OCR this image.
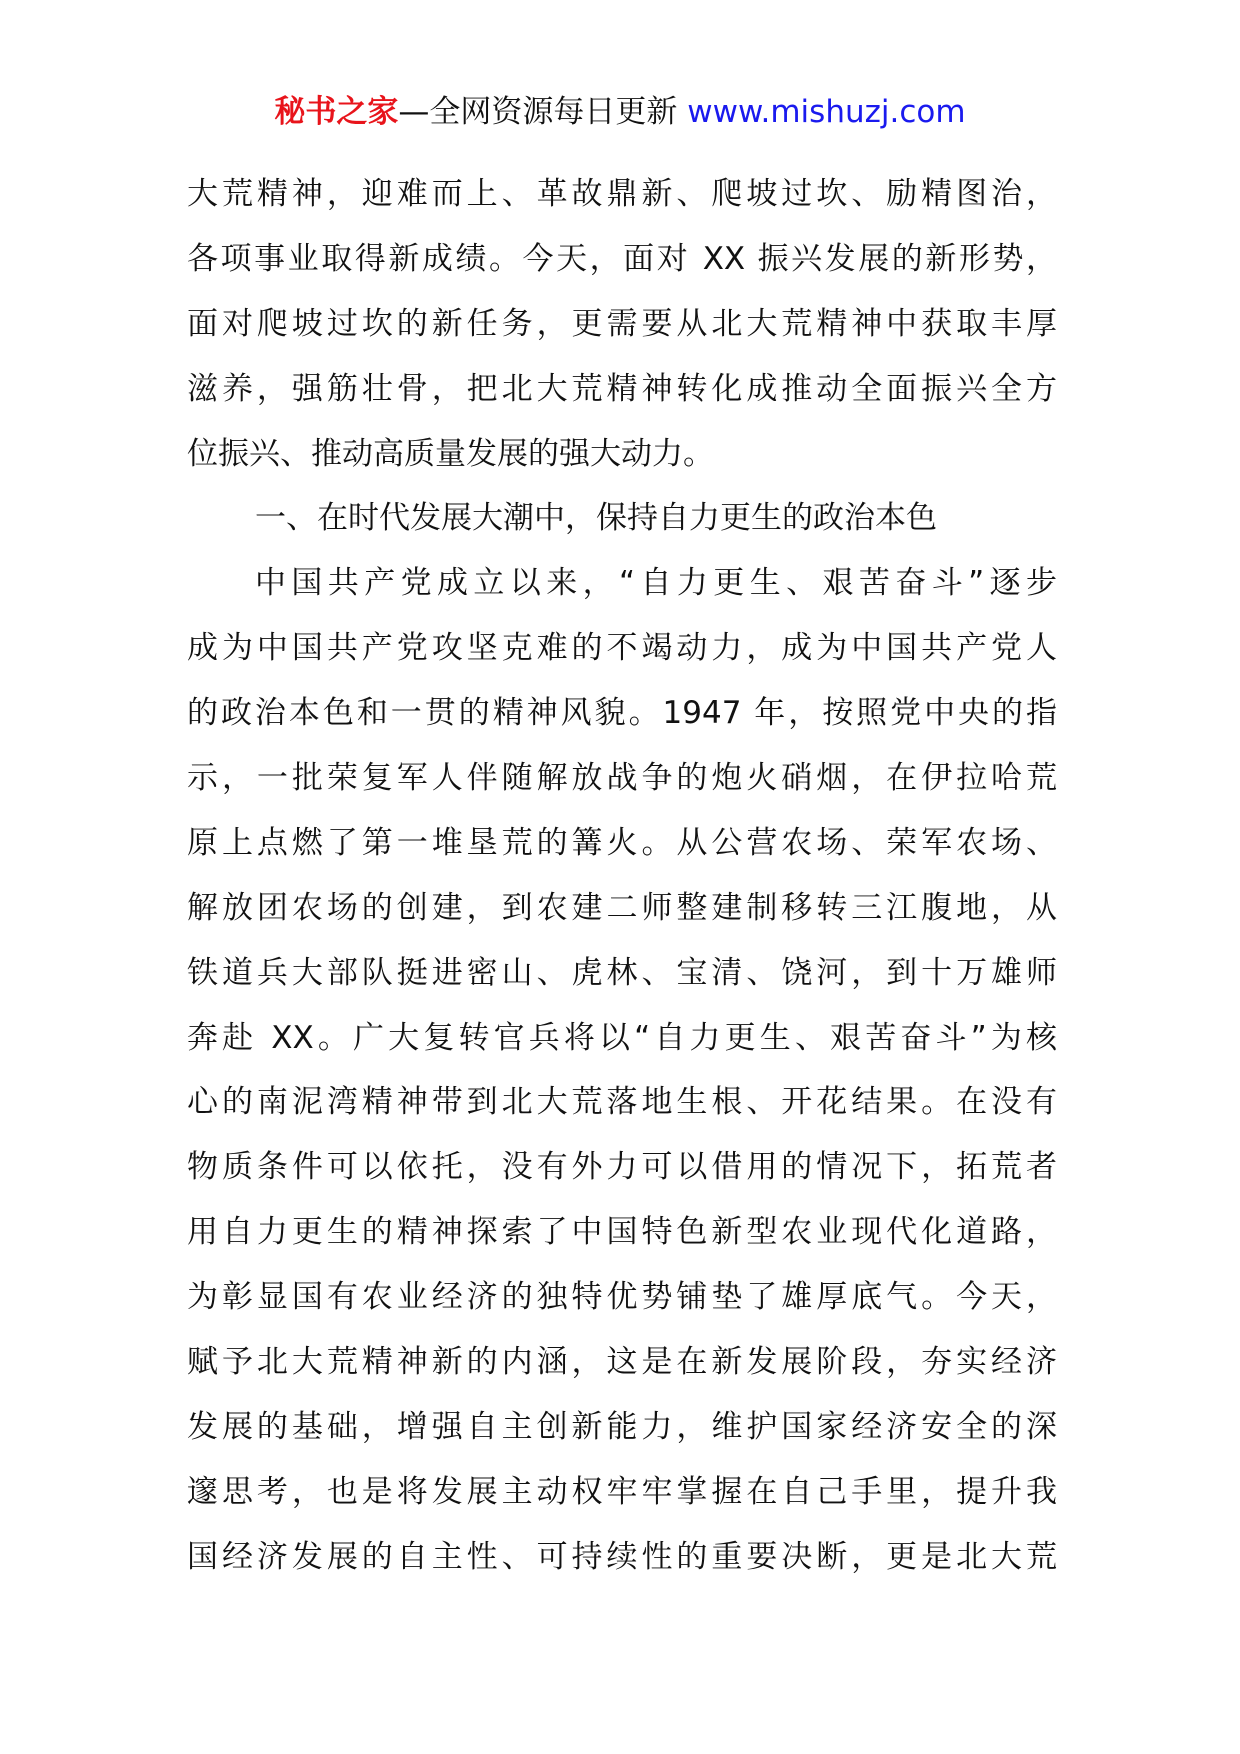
秘书之家—全网资源每日更新 www.mishuzj.com
大荒精神，迎难而上、革故鼎新、爬坡过坎、励精图治，
各项事业取得新成绩。今天，面对 XX 振兴发展的新形势，
面对爬坡过坎的新任务，更需要从北大荒精神中获取丰厚
滋养，强筋壮骨，把北大荒精神转化成推动全面振兴全方
位振兴、推动高质量发展的强大动力。
一、在时代发展大潮中，保持自力更生的政治本色
中国共产党成立以来，“自力更生、艰苦奋斗”逐步
成为中国共产党攻坚克难的不竭动力，成为中国共产党人
的政治本色和一贯的精神风貌。1947 年，按照党中央的指
示，一批荣复军人伴随解放战争的炮火硝烟，在伊拉哈荒
原上点燃了第一堆垦荒的篝火。从公营农场、荣军农场、
解放团农场的创建，到农建二师整建制移转三江腹地，从
铁道兵大部队挺进密山、虎林、宝清、饶河，到十万雄师
奔赴 XX。广大复转官兵将以“自力更生、艰苦奋斗”为核
心的南泥湾精神带到北大荒落地生根、开花结果。在没有
物质条件可以依托，没有外力可以借用的情况下，拓荒者
用自力更生的精神探索了中国特色新型农业现代化道路，
为彰显国有农业经济的独特优势铺垫了雄厚底气。今天，
赋予北大荒精神新的内涵，这是在新发展阶段，夯实经济
发展的基础，增强自主创新能力，维护国家经济安全的深
邃思考，也是将发展主动权牢牢掌握在自己手里，提升我
国经济发展的自主性、可持续性的重要决断，更是北大荒
